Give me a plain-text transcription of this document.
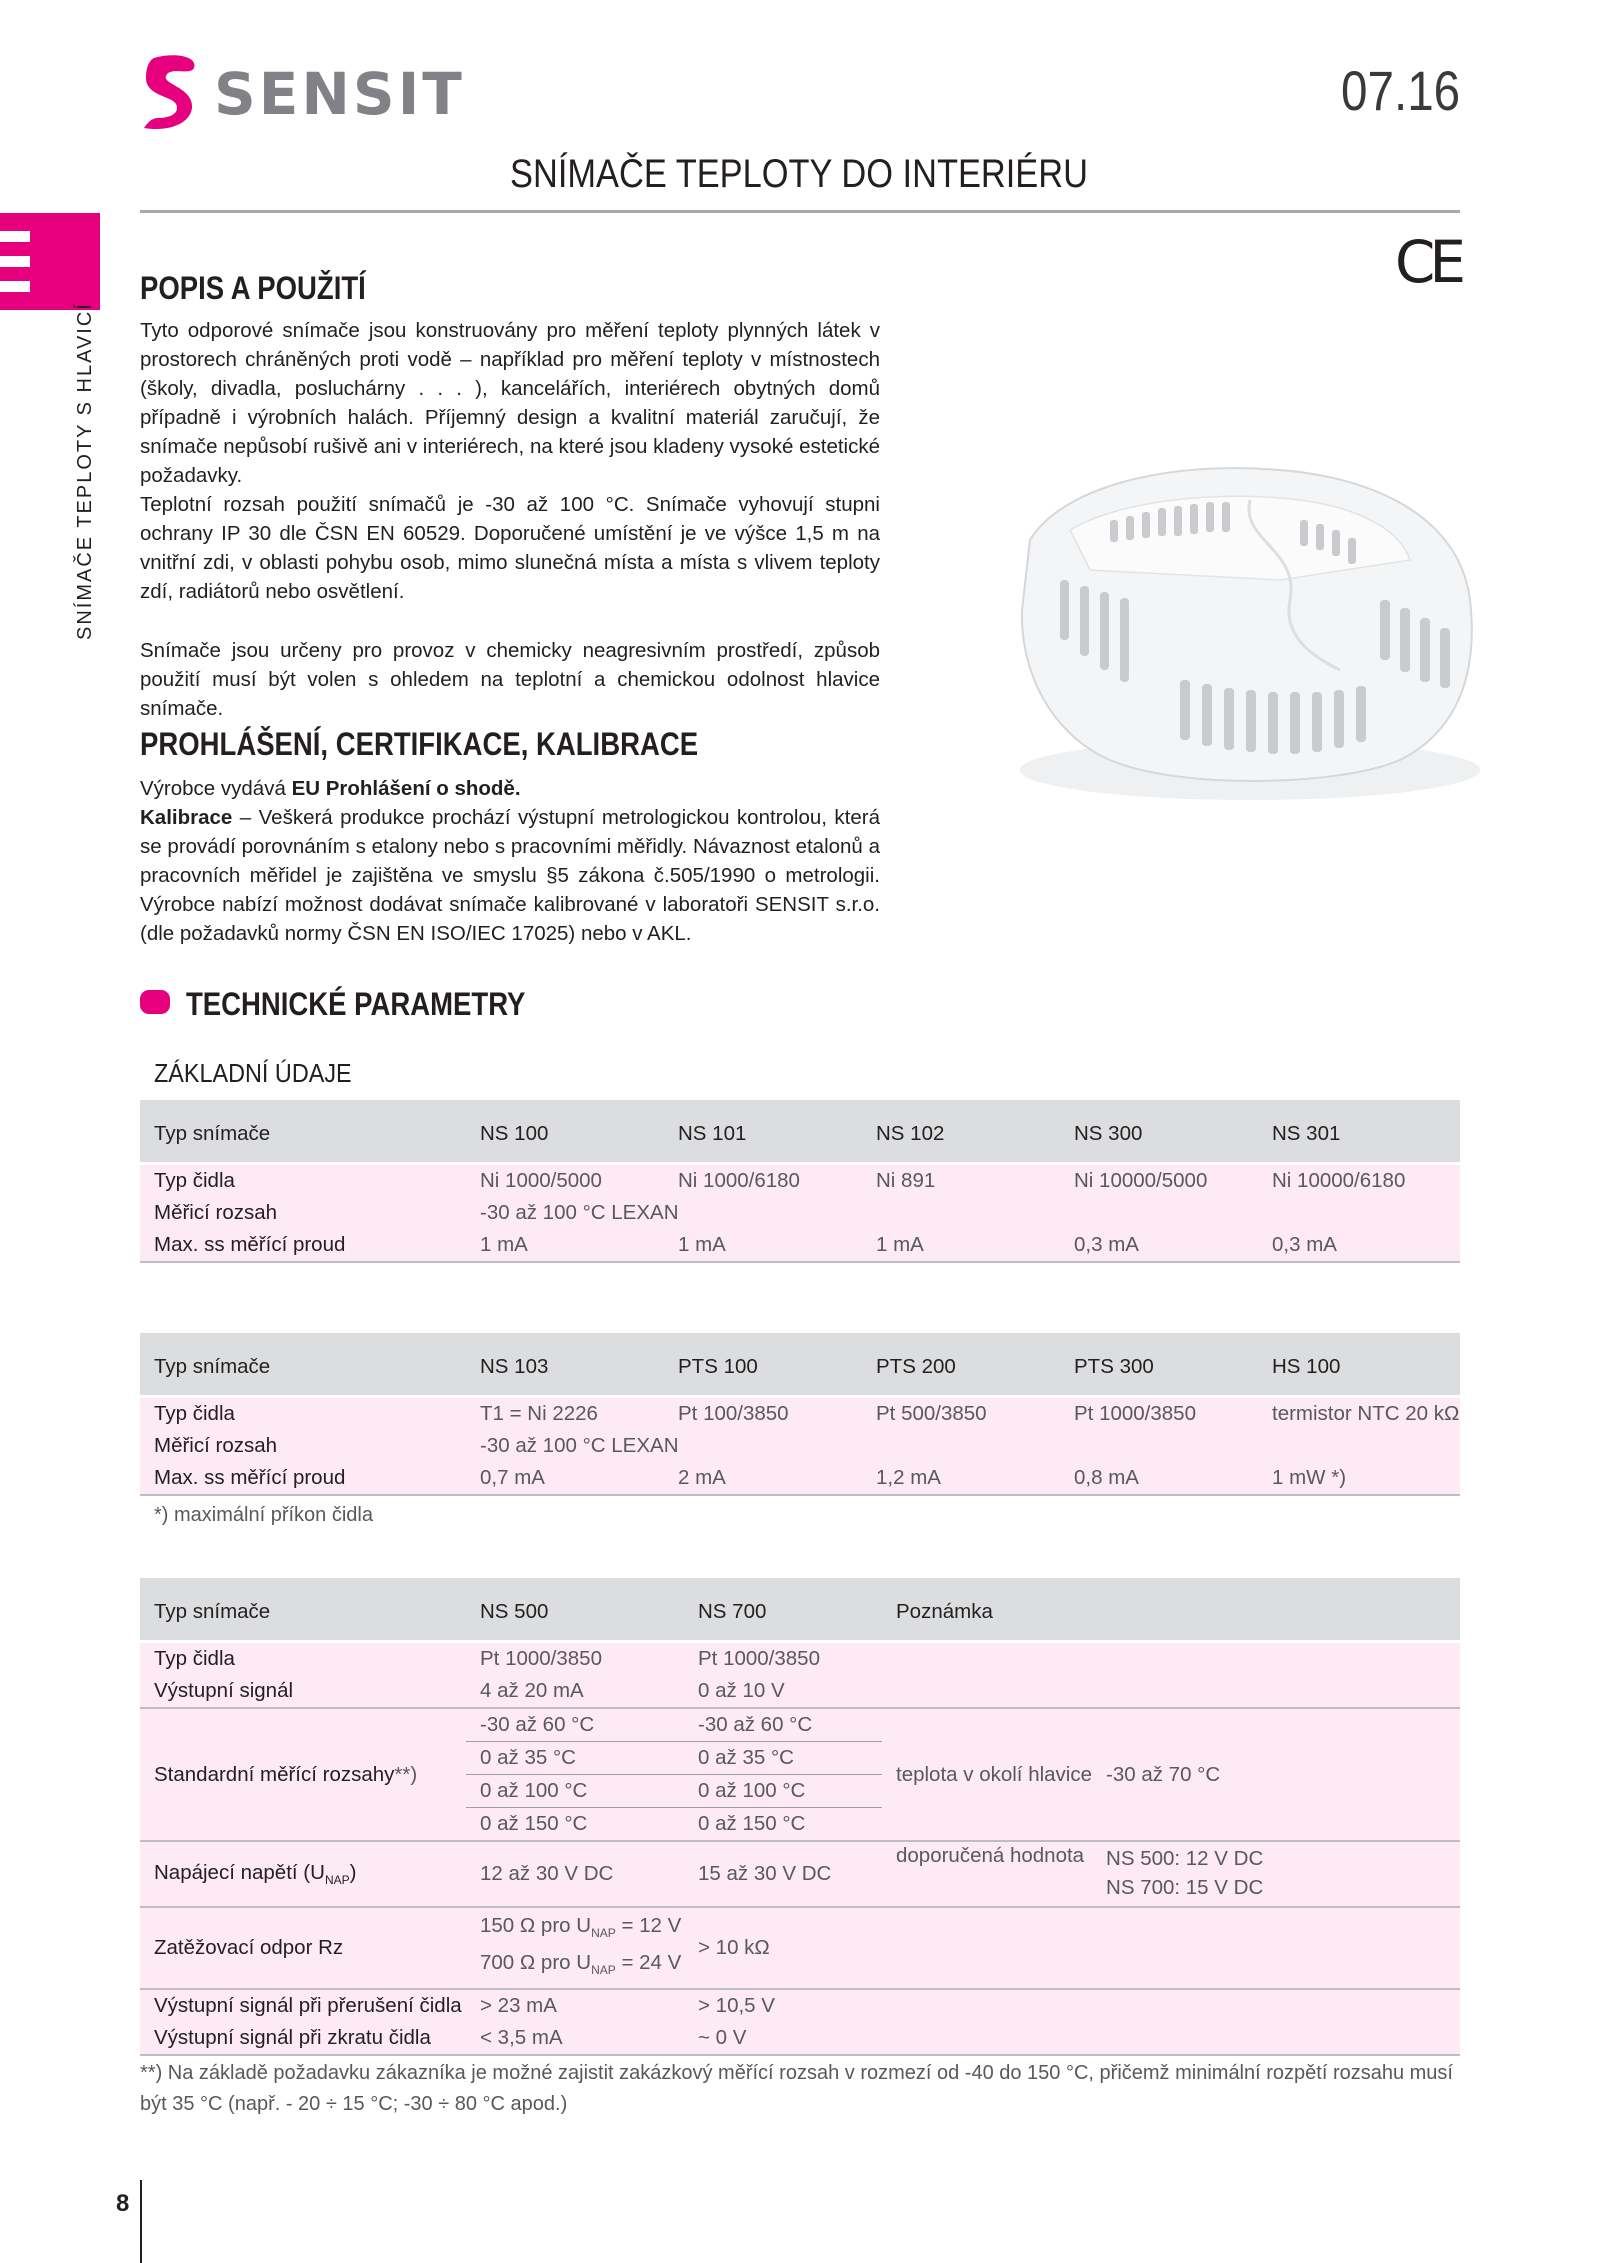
SENSIT	07.16
SNÍMAČE TEPLOTY DO INTERIÉRU
CE
SNÍMAČE TEPLOTY S HLAVICÍ
POPIS A POUŽITÍ

Tyto odporové snímače jsou konstruovány pro měření teploty plynných látek v prostorech chráněných proti vodě – například pro měření teploty v místnostech (školy, divadla, posluchárny . . . ), kancelářích, interiérech obytných domů případně i výrobních halách. Příjemný design a kvalitní materiál zaručují, že snímače nepůsobí rušivě ani v interiérech, na které jsou kladeny vysoké estetické požadavky.

Teplotní rozsah použití snímačů je -30 až 100 °C. Snímače vyhovují stupni ochrany IP 30 dle ČSN EN 60529. Doporučené umístění je ve výšce 1,5 m na vnitřní zdi, v oblasti pohybu osob, mimo slunečná místa a místa s vlivem teploty zdí, radiátorů nebo osvětlení.

Snímače jsou určeny pro provoz v chemicky neagresivním prostředí, způsob použití musí být volen s ohledem na teplotní a chemickou odolnost hlavice snímače.

PROHLÁŠENÍ, CERTIFIKACE, KALIBRACE

Výrobce vydává EU Prohlášení o shodě.

Kalibrace – Veškerá produkce prochází výstupní metrologickou kontrolou, která se provádí porovnáním s etalony nebo s pracovními měřidly. Návaznost etalonů a pracovních měřidel je zajištěna ve smyslu §5 zákona č.505/1990 o metrologii. Výrobce nabízí možnost dodávat snímače kalibrované v laboratoři SENSIT s.r.o. (dle požadavků normy ČSN EN ISO/IEC 17025) nebo v AKL.

TECHNICKÉ PARAMETRY
ZÁKLADNÍ ÚDAJE
Typ snímače	NS 100	NS 101	NS 102	NS 300	NS 301
Typ čidla	Ni 1000/5000	Ni 1000/6180	Ni 891	Ni 10000/5000	Ni 10000/6180
Měřicí rozsah	-30 až 100 °C LEXAN				
Max. ss měřící proud	1 mA	1 mA	1 mA	0,3 mA	0,3 mA
Typ snímače	NS 103	PTS 100	PTS 200	PTS 300	HS 100
Typ čidla	T1 = Ni 2226	Pt 100/3850	Pt 500/3850	Pt 1000/3850	termistor NTC 20 kΩ
Měřicí rozsah	-30 až 100 °C LEXAN				
Max. ss měřící proud	0,7 mA	2 mA	1,2 mA	0,8 mA	1 mW *)
*) maximální příkon čidla
Typ snímače	NS 500	NS 700	Poznámka	
Typ čidla	Pt 1000/3850	Pt 1000/3850		
Výstupní signál	4 až 20 mA	0 až 10 V		
Standardní měřící rozsahy**)	-30 až 60 °C	-30 až 60 °C	teplota v okolí hlavice	-30 až 70 °C
	0 až 35 °C	0 až 35 °C		
	0 až 100 °C	0 až 100 °C		
	0 až 150 °C	0 až 150 °C		
Napájecí napětí $(U_{NAP})$	12 až 30 V DC	15 až 30 V DC	doporučená hodnota	NS 500: 12 V DC
NS 700: 15 V DC

Zatěžovací odpor Rz	150 Ω pro $U_{NAP} = 12$ V
700 Ω pro $U_{NAP} = 24$ V	> 10 kΩ		
Výstupní signál při přerušení čidla	> 23 mA	> 10,5 V		
Výstupní signál při zkratu čidla	< 3,5 mA	~ 0 V		
**) Na základě požadavku zákazníka je možné zajistit zakázkový měřící rozsah v rozmezí od -40 do 150 °C, přičemž minimální rozpětí rozsahu musí být 35 °C (např. - 20 ÷ 15 °C; -30 ÷ 80 °C apod.)
8
